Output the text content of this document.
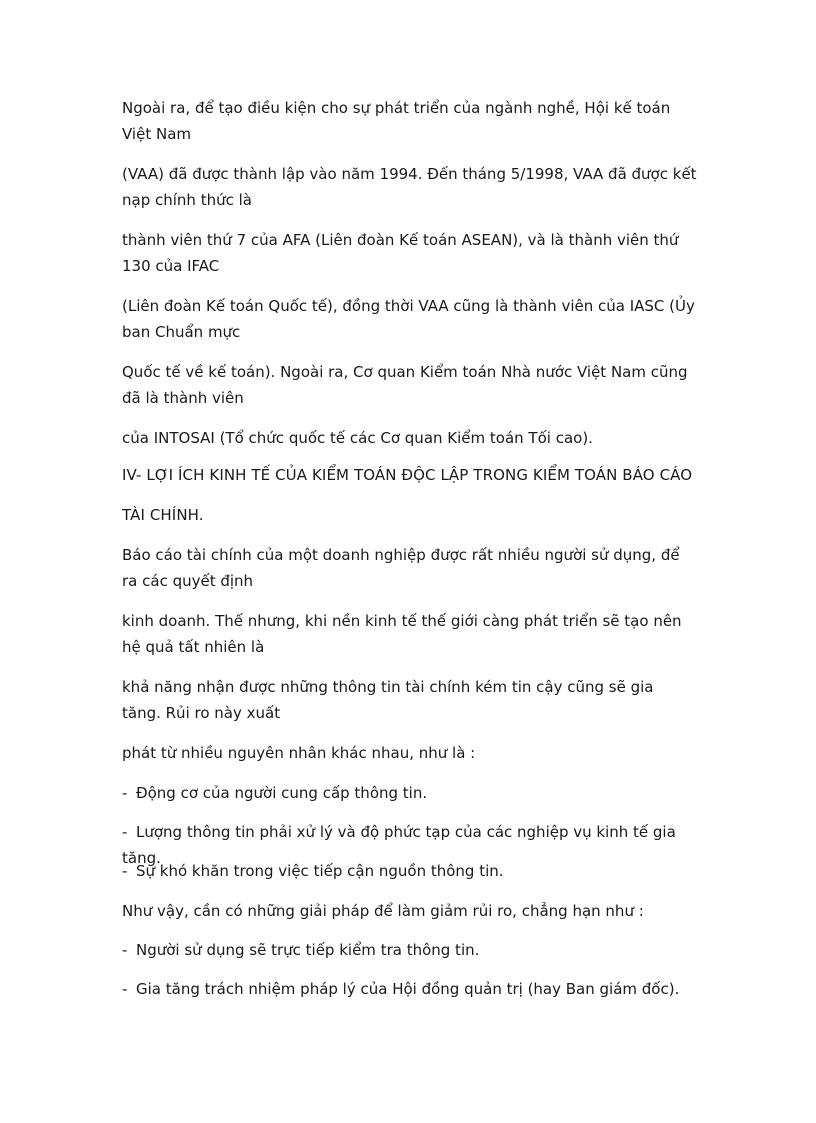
Ngoài ra, để tạo điều kiện cho sự phát triển của ngành nghề, Hội kế toán Việt Nam

(VAA) đã được thành lập vào năm 1994. Đến tháng 5/1998, VAA đã được kết nạp chính thức là

thành viên thứ 7 của AFA (Liên đoàn Kế toán ASEAN), và là thành viên thứ 130 của IFAC

(Liên đoàn Kế toán Quốc tế), đồng thời VAA cũng là thành viên của IASC (Ủy ban Chuẩn mực

Quốc tế về kế toán). Ngoài ra, Cơ quan Kiểm toán Nhà nước Việt Nam cũng đã là thành viên

của INTOSAI (Tổ chức quốc tế các Cơ quan Kiểm toán Tối cao).

IV- LỢI ÍCH KINH TẾ CỦA KIỂM TOÁN ĐỘC LẬP TRONG KIỂM TOÁN BÁO CÁO

TÀI CHÍNH.

Báo cáo tài chính của một doanh nghiệp được rất nhiều người sử dụng, để ra các quyết định

kinh doanh. Thế nhưng, khi nền kinh tế thế giới càng phát triển sẽ tạo nên hệ quả tất nhiên là

khả năng nhận được những thông tin tài chính kém tin cậy cũng sẽ gia tăng. Rủi ro này xuất

phát từ nhiều nguyên nhân khác nhau, như là :

- Động cơ của người cung cấp thông tin.

- Lượng thông tin phải xử lý và độ phức tạp của các nghiệp vụ kinh tế gia tăng.

- Sự khó khăn trong việc tiếp cận nguồn thông tin.

Như vậy, cần có những giải pháp để làm giảm rủi ro, chẳng hạn như :

- Người sử dụng sẽ trực tiếp kiểm tra thông tin.

- Gia tăng trách nhiệm pháp lý của Hội đồng quản trị (hay Ban giám đốc).
